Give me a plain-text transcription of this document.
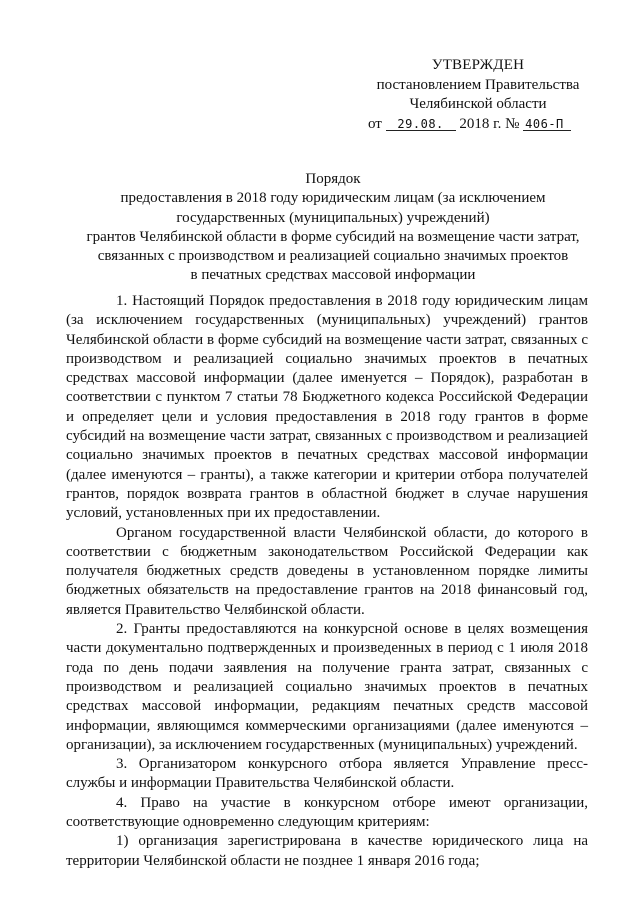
УТВЕРЖДЕН
постановлением Правительства
Челябинской области
от 29.08. 2018 г. № 406-П
Порядок
предоставления в 2018 году юридическим лицам (за исключением
государственных (муниципальных) учреждений)
грантов Челябинской области в форме субсидий на возмещение части затрат,
связанных с производством и реализацией социально значимых проектов
в печатных средствах массовой информации

1. Настоящий Порядок предоставления в 2018 году юридическим лицам (за исключением государственных (муниципальных) учреждений) грантов Челябинской области в форме субсидий на возмещение части затрат, связанных с производством и реализацией социально значимых проектов в печатных средствах массовой информации (далее именуется – Порядок), разработан в соответствии с пунктом 7 статьи 78 Бюджетного кодекса Российской Федерации и определяет цели и условия предоставления в 2018 году грантов в форме субсидий на возмещение части затрат, связанных с производством и реализацией социально значимых проектов в печатных средствах массовой информации (далее именуются – гранты), а также категории и критерии отбора получателей грантов, порядок возврата грантов в областной бюджет в случае нарушения условий, установленных при их предоставлении.

Органом государственной власти Челябинской области, до которого в соответствии с бюджетным законодательством Российской Федерации как получателя бюджетных средств доведены в установленном порядке лимиты бюджетных обязательств на предоставление грантов на 2018 финансовый год, является Правительство Челябинской области.

2. Гранты предоставляются на конкурсной основе в целях возмещения части документально подтвержденных и произведенных в период с 1 июля 2018 года по день подачи заявления на получение гранта затрат, связанных с производством и реализацией социально значимых проектов в печатных средствах массовой информации, редакциям печатных средств массовой информации, являющимся коммерческими организациями (далее именуются – организации), за исключением государственных (муниципальных) учреждений.

3. Организатором конкурсного отбора является Управление пресс-службы и информации Правительства Челябинской области.

4. Право на участие в конкурсном отборе имеют организации, соответствующие одновременно следующим критериям:

1) организация зарегистрирована в качестве юридического лица на территории Челябинской области не позднее 1 января 2016 года;
